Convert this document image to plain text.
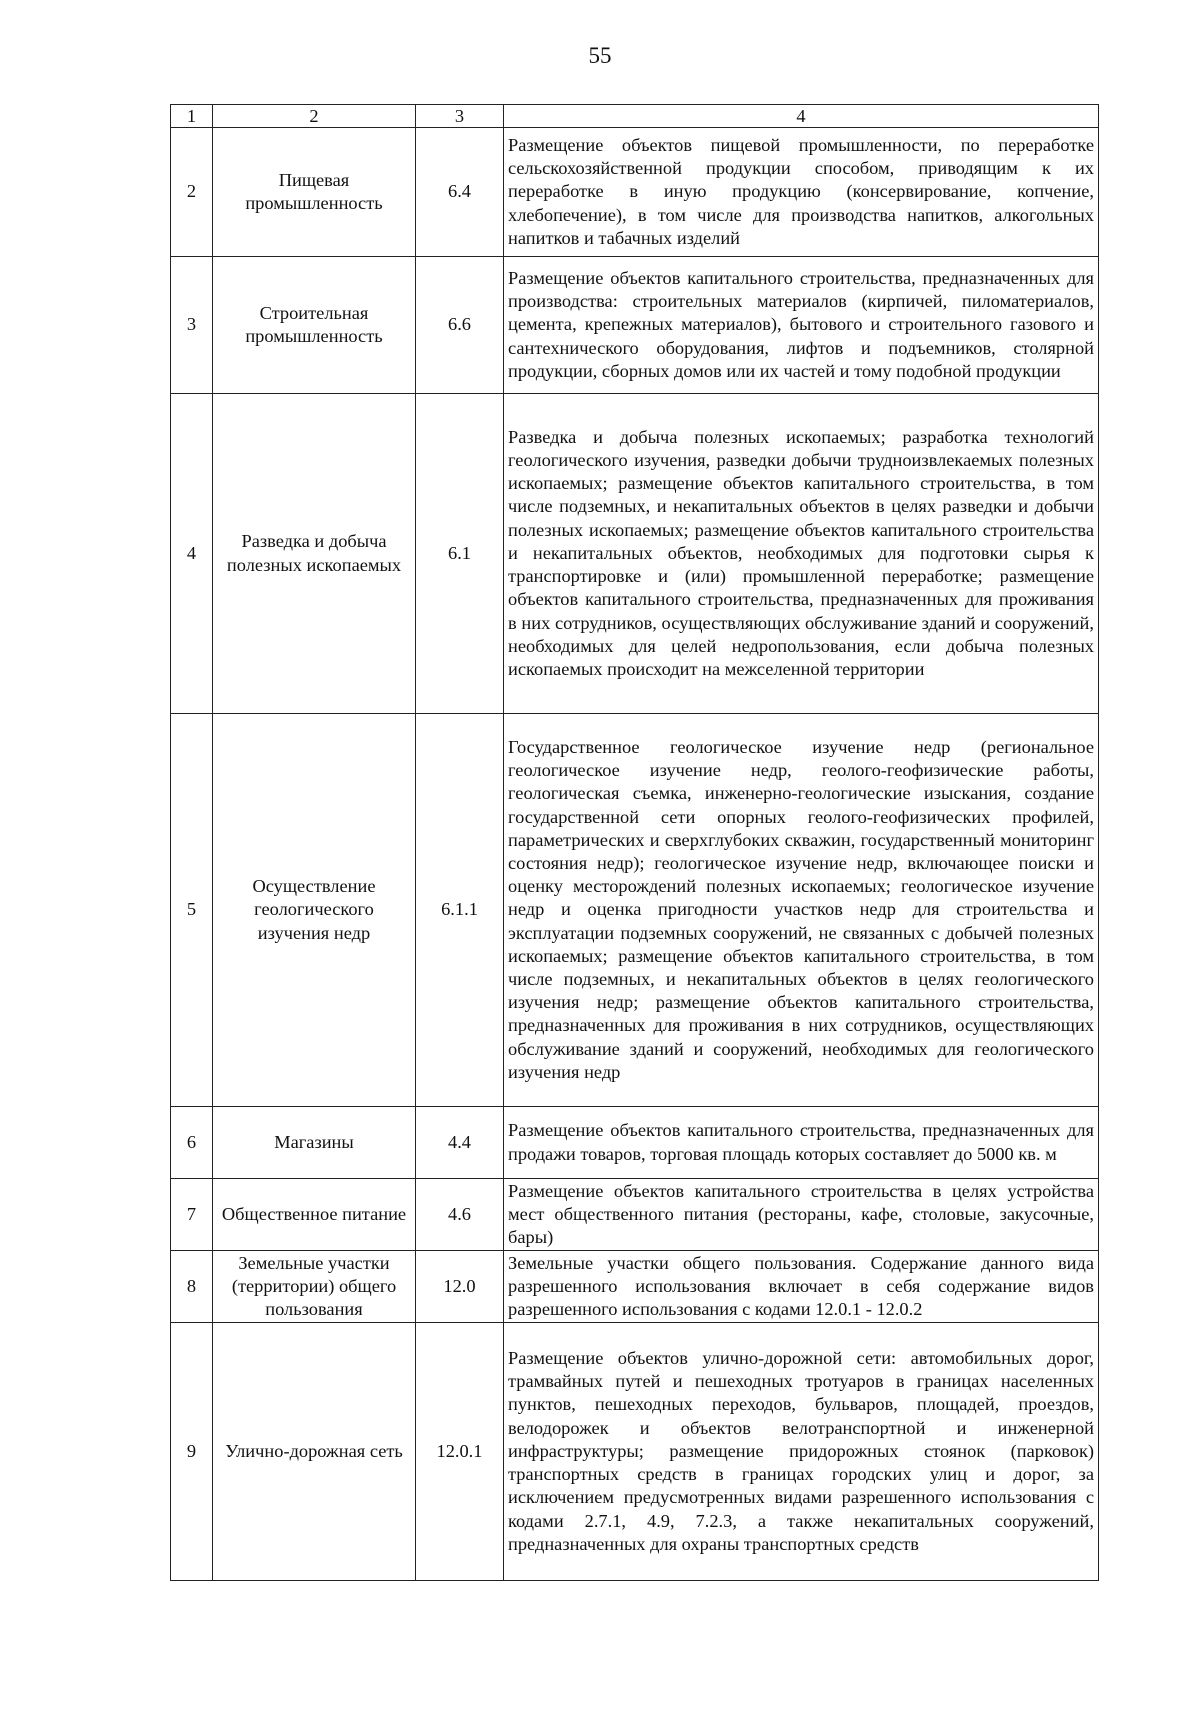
55
1	2	3	4
2	Пищевая промышленность	6.4	Размещение объектов пищевой промышленности, по переработке сельскохозяйственной продукции способом, приводящим к их переработке в иную продукцию (консервирование, копчение, хлебопечение), в том числе для производства напитков, алкогольных напитков и табачных изделий
3	Строительная промышленность	6.6	Размещение объектов капитального строительства, предназначенных для производства: строительных материалов (кирпичей, пиломатериалов, цемента, крепежных материалов), бытового и строительного газового и сантехнического оборудования, лифтов и подъемников, столярной продукции, сборных домов или их частей и тому подобной продукции
4	Разведка и добыча полезных ископаемых	6.1	Разведка и добыча полезных ископаемых; разработка технологий геологического изучения, разведки добычи трудноизвлекаемых полезных ископаемых; размещение объектов капитального строительства, в том числе подземных, и некапитальных объектов в целях разведки и добычи полезных ископаемых; размещение объектов капитального строительства и некапитальных объектов, необходимых для подготовки сырья к транспортировке и (или) промышленной переработке; размещение объектов капитального строительства, предназначенных для проживания в них сотрудников, осуществляющих обслуживание зданий и сооружений, необходимых для целей недропользования, если добыча полезных ископаемых происходит на межселенной территории
5	Осуществление геологического изучения недр	6.1.1	Государственное геологическое изучение недр (региональное геологическое изучение недр, геолого-геофизические работы, геологическая съемка, инженерно-геологические изыскания, создание государственной сети опорных геолого-геофизических профилей, параметрических и сверхглубоких скважин, государственный мониторинг состояния недр); геологическое изучение недр, включающее поиски и оценку месторождений полезных ископаемых; геологическое изучение недр и оценка пригодности участков недр для строительства и эксплуатации подземных сооружений, не связанных с добычей полезных ископаемых; размещение объектов капитального строительства, в том числе подземных, и некапитальных объектов в целях геологического изучения недр; размещение объектов капитального строительства, предназначенных для проживания в них сотрудников, осуществляющих обслуживание зданий и сооружений, необходимых для геологического изучения недр
6	Магазины	4.4	Размещение объектов капитального строительства, предназначенных для продажи товаров, торговая площадь которых составляет до 5000 кв. м
7	Общественное питание	4.6	Размещение объектов капитального строительства в целях устройства мест общественного питания (рестораны, кафе, столовые, закусочные, бары)
8	Земельные участки (территории) общего пользования	12.0	Земельные участки общего пользования. Содержание данного вида разрешенного использования включает в себя содержание видов разрешенного использования с кодами 12.0.1 - 12.0.2
9	Улично-дорожная сеть	12.0.1	Размещение объектов улично-дорожной сети: автомобильных дорог, трамвайных путей и пешеходных тротуаров в границах населенных пунктов, пешеходных переходов, бульваров, площадей, проездов, велодорожек и объектов велотранспортной и инженерной инфраструктуры; размещение придорожных стоянок (парковок) транспортных средств в границах городских улиц и дорог, за исключением предусмотренных видами разрешенного использования с кодами 2.7.1, 4.9, 7.2.3, а также некапитальных сооружений, предназначенных для охраны транспортных средств
